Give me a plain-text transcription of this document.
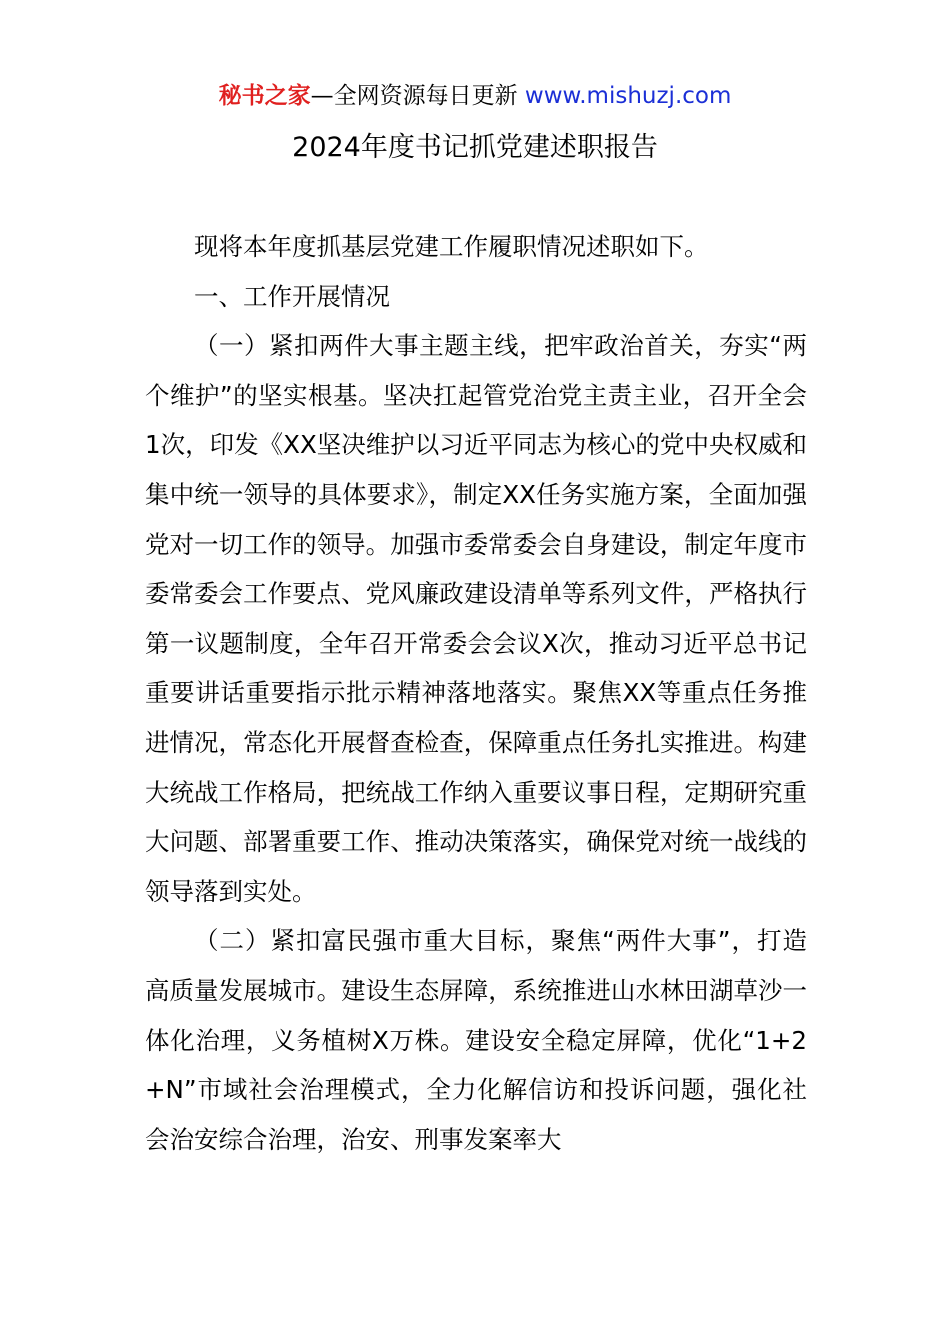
秘书之家—全网资源每日更新 www.mishuzj.com
2024年度书记抓党建述职报告

现将本年度抓基层党建工作履职情况述职如下。

一、工作开展情况

（一）紧扣两件大事主题主线，把牢政治首关，夯实“两个维护”的坚实根基。坚决扛起管党治党主责主业，召开全会1次，印发《XX坚决维护以习近平同志为核心的党中央权威和集中统一领导的具体要求》，制定XX任务实施方案，全面加强党对一切工作的领导。加强市委常委会自身建设，制定年度市委常委会工作要点、党风廉政建设清单等系列文件，严格执行第一议题制度，全年召开常委会会议X次，推动习近平总书记重要讲话重要指示批示精神落地落实。聚焦XX等重点任务推进情况，常态化开展督查检查，保障重点任务扎实推进。构建大统战工作格局，把统战工作纳入重要议事日程，定期研究重大问题、部署重要工作、推动决策落实，确保党对统一战线的领导落到实处。

（二）紧扣富民强市重大目标，聚焦“两件大事”，打造高质量发展城市。建设生态屏障，系统推进山水林田湖草沙一体化治理，义务植树X万株。建设安全稳定屏障，优化“1+2+N”市域社会治理模式，全力化解信访和投诉问题，强化社会治安综合治理，治安、刑事发案率大
